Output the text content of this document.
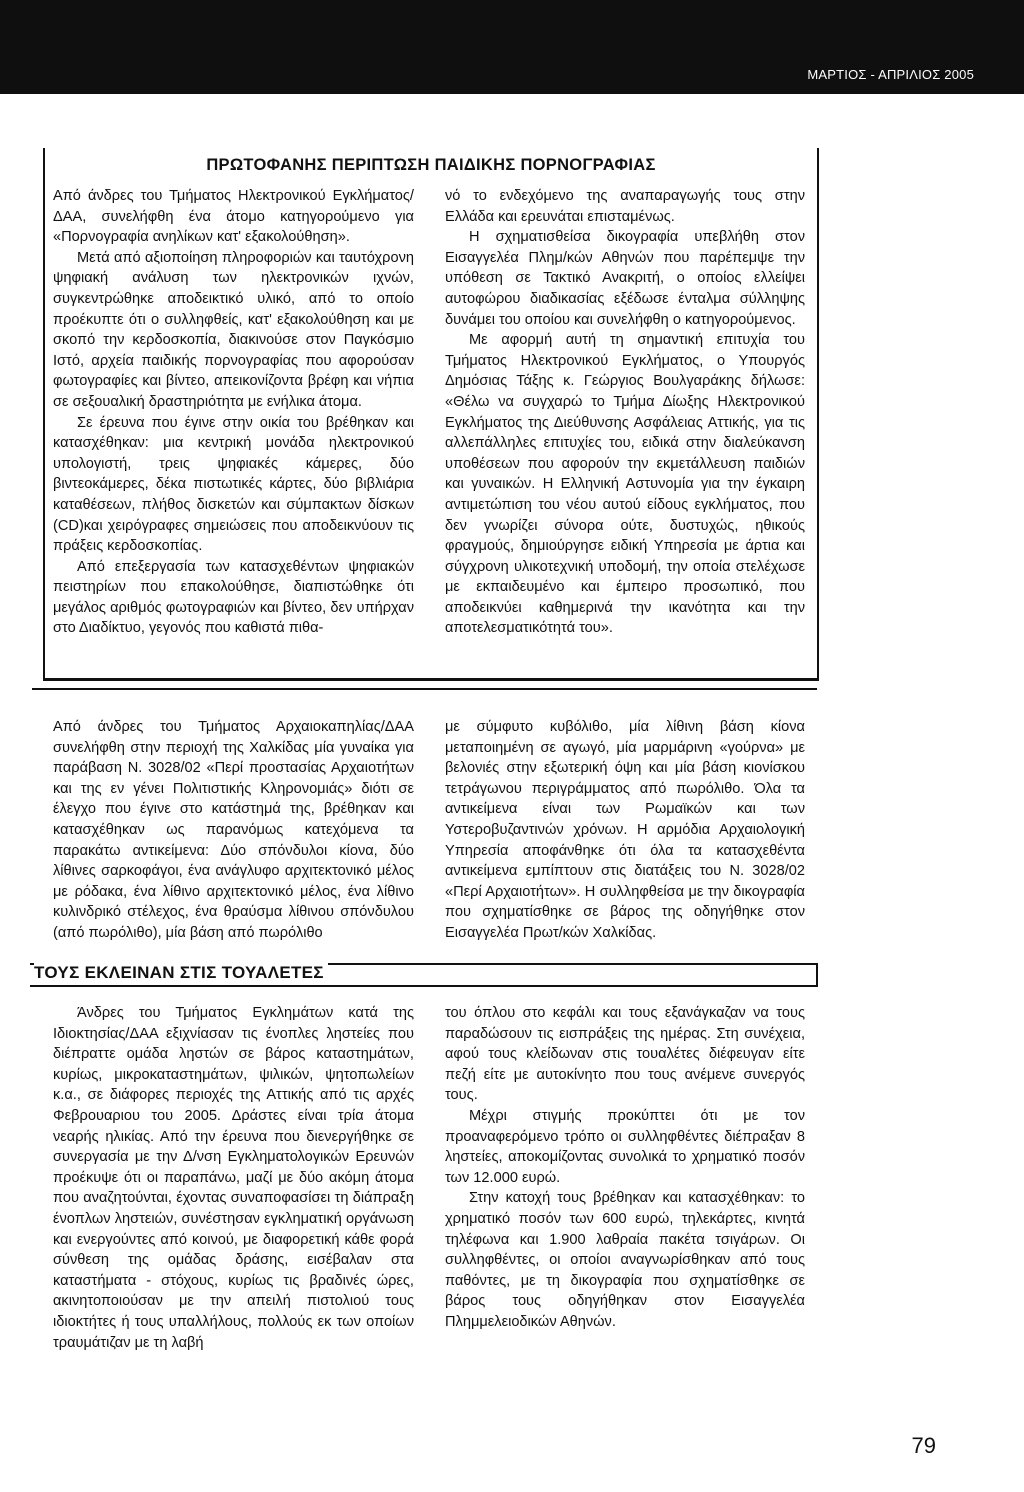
ΜΑΡΤΙΟΣ - ΑΠΡΙΛΙΟΣ 2005
ΠΡΩΤΟΦΑΝΗΣ ΠΕΡΙΠΤΩΣΗ ΠΑΙΔΙΚΗΣ ΠΟΡΝΟΓΡΑΦΙΑΣ

Από άνδρες του Τμήματος Ηλεκτρονικού Εγκλήματος/ΔΑΑ, συνελήφθη ένα άτομο κατηγορούμενο για «Πορνογραφία ανηλίκων κατ' εξακολούθηση».

Μετά από αξιοποίηση πληροφοριών και ταυτόχρονη ψηφιακή ανάλυση των ηλεκτρονικών ιχνών, συγκεντρώθηκε αποδεικτικό υλικό, από το οποίο προέκυπτε ότι ο συλληφθείς, κατ' εξακολούθηση και με σκοπό την κερδοσκοπία, διακινούσε στον Παγκόσμιο Ιστό, αρχεία παιδικής πορνογραφίας που αφορούσαν φωτογραφίες και βίντεο, απεικονίζοντα βρέφη και νήπια σε σεξουαλική δραστηριότητα με ενήλικα άτομα.

Σε έρευνα που έγινε στην οικία του βρέθηκαν και κατασχέθηκαν: μια κεντρική μονάδα ηλεκτρονικού υπολογιστή, τρεις ψηφιακές κάμερες, δύο βιντεοκάμερες, δέκα πιστωτικές κάρτες, δύο βιβλιάρια καταθέσεων, πλήθος δισκετών και σύμπακτων δίσκων (CD)και χειρόγραφες σημειώσεις που αποδεικνύουν τις πράξεις κερδοσκοπίας.

Από επεξεργασία των κατασχεθέντων ψηφιακών πειστηρίων που επακολούθησε, διαπιστώθηκε ότι μεγάλος αριθμός φωτογραφιών και βίντεο, δεν υπήρχαν στο Διαδίκτυο, γεγονός που καθιστά πιθα-

νό το ενδεχόμενο της αναπαραγωγής τους στην Ελλάδα και ερευνάται επισταμένως.

Η σχηματισθείσα δικογραφία υπεβλήθη στον Εισαγγελέα Πλημ/κών Αθηνών που παρέπεμψε την υπόθεση σε Τακτικό Ανακριτή, ο οποίος ελλείψει αυτοφώρου διαδικασίας εξέδωσε ένταλμα σύλληψης δυνάμει του οποίου και συνελήφθη ο κατηγορούμενος.

Με αφορμή αυτή τη σημαντική επιτυχία του Τμήματος Ηλεκτρονικού Εγκλήματος, ο Υπουργός Δημόσιας Τάξης κ. Γεώργιος Βουλγαράκης δήλωσε: «Θέλω να συγχαρώ το Τμήμα Δίωξης Ηλεκτρονικού Εγκλήματος της Διεύθυνσης Ασφάλειας Αττικής, για τις αλλεπάλληλες επιτυχίες του, ειδικά στην διαλεύκανση υποθέσεων που αφορούν την εκμετάλλευση παιδιών και γυναικών. Η Ελληνική Αστυνομία για την έγκαιρη αντιμετώπιση του νέου αυτού είδους εγκλήματος, που δεν γνωρίζει σύνορα ούτε, δυστυχώς, ηθικούς φραγμούς, δημιούργησε ειδική Υπηρεσία με άρτια και σύγχρονη υλικοτεχνική υποδομή, την οποία στελέχωσε με εκπαιδευμένο και έμπειρο προσωπικό, που αποδεικνύει καθημερινά την ικανότητα και την αποτελεσματικότητά του».

Από άνδρες του Τμήματος Αρχαιοκαπηλίας/ΔΑΑ συνελήφθη στην περιοχή της Χαλκίδας μία γυναίκα για παράβαση Ν. 3028/02 «Περί προστασίας Αρχαιοτήτων και της εν γένει Πολιτιστικής Κληρονομιάς» διότι σε έλεγχο που έγινε στο κατάστημά της, βρέθηκαν και κατασχέθηκαν ως παρανόμως κατεχόμενα τα παρακάτω αντικείμενα: Δύο σπόνδυλοι κίονα, δύο λίθινες σαρκοφάγοι, ένα ανάγλυφο αρχιτεκτονικό μέλος με ρόδακα, ένα λίθινο αρχιτεκτονικό μέλος, ένα λίθινο κυλινδρικό στέλεχος, ένα θραύσμα λίθινου σπόνδυλου (από πωρόλιθο), μία βάση από πωρόλιθο

με σύμφυτο κυβόλιθο, μία λίθινη βάση κίονα μεταποιημένη σε αγωγό, μία μαρμάρινη «γούρνα» με βελονιές στην εξωτερική όψη και μία βάση κιονίσκου τετράγωνου περιγράμματος από πωρόλιθο. Όλα τα αντικείμενα είναι των Ρωμαϊκών και των Υστεροβυζαντινών χρόνων. Η αρμόδια Αρχαιολογική Υπηρεσία αποφάνθηκε ότι όλα τα κατασχεθέντα αντικείμενα εμπίπτουν στις διατάξεις του Ν. 3028/02 «Περί Αρχαιοτήτων». Η συλληφθείσα με την δικογραφία που σχηματίσθηκε σε βάρος της οδηγήθηκε στον Εισαγγελέα Πρωτ/κών Χαλκίδας.

ΤΟΥΣ ΕΚΛΕΙΝΑΝ ΣΤΙΣ ΤΟΥΑΛΕΤΕΣ

Άνδρες του Τμήματος Εγκλημάτων κατά της Ιδιοκτησίας/ΔΑΑ εξιχνίασαν τις ένοπλες ληστείες που διέπραττε ομάδα ληστών σε βάρος καταστημάτων, κυρίως, μικροκαταστημάτων, ψιλικών, ψητοπωλείων κ.α., σε διάφορες περιοχές της Αττικής από τις αρχές Φεβρουαριου του 2005. Δράστες είναι τρία άτομα νεαρής ηλικίας. Από την έρευνα που διενεργήθηκε σε συνεργασία με την Δ/νση Εγκληματολογικών Ερευνών προέκυψε ότι οι παραπάνω, μαζί με δύο ακόμη άτομα που αναζητούνται, έχοντας συναποφασίσει τη διάπραξη ένοπλων ληστειών, συνέστησαν εγκληματική οργάνωση και ενεργούντες από κοινού, με διαφορετική κάθε φορά σύνθεση της ομάδας δράσης, εισέβαλαν στα καταστήματα - στόχους, κυρίως τις βραδινές ώρες, ακινητοποιούσαν με την απειλή πιστολιού τους ιδιοκτήτες ή τους υπαλλήλους, πολλούς εκ των οποίων τραυμάτιζαν με τη λαβή

του όπλου στο κεφάλι και τους εξανάγκαζαν να τους παραδώσουν τις εισπράξεις της ημέρας. Στη συνέχεια, αφού τους κλείδωναν στις τουαλέτες διέφευγαν είτε πεζή είτε με αυτοκίνητο που τους ανέμενε συνεργός τους.

Μέχρι στιγμής προκύπτει ότι με τον προαναφερόμενο τρόπο οι συλληφθέντες διέπραξαν 8 ληστείες, αποκομίζοντας συνολικά το χρηματικό ποσόν των 12.000 ευρώ.

Στην κατοχή τους βρέθηκαν και κατασχέθηκαν: το χρηματικό ποσόν των 600 ευρώ, τηλεκάρτες, κινητά τηλέφωνα και 1.900 λαθραία πακέτα τσιγάρων. Οι συλληφθέντες, οι οποίοι αναγνωρίσθηκαν από τους παθόντες, με τη δικογραφία που σχηματίσθηκε σε βάρος τους οδηγήθηκαν στον Εισαγγελέα Πλημμελειοδικών Αθηνών.

79
